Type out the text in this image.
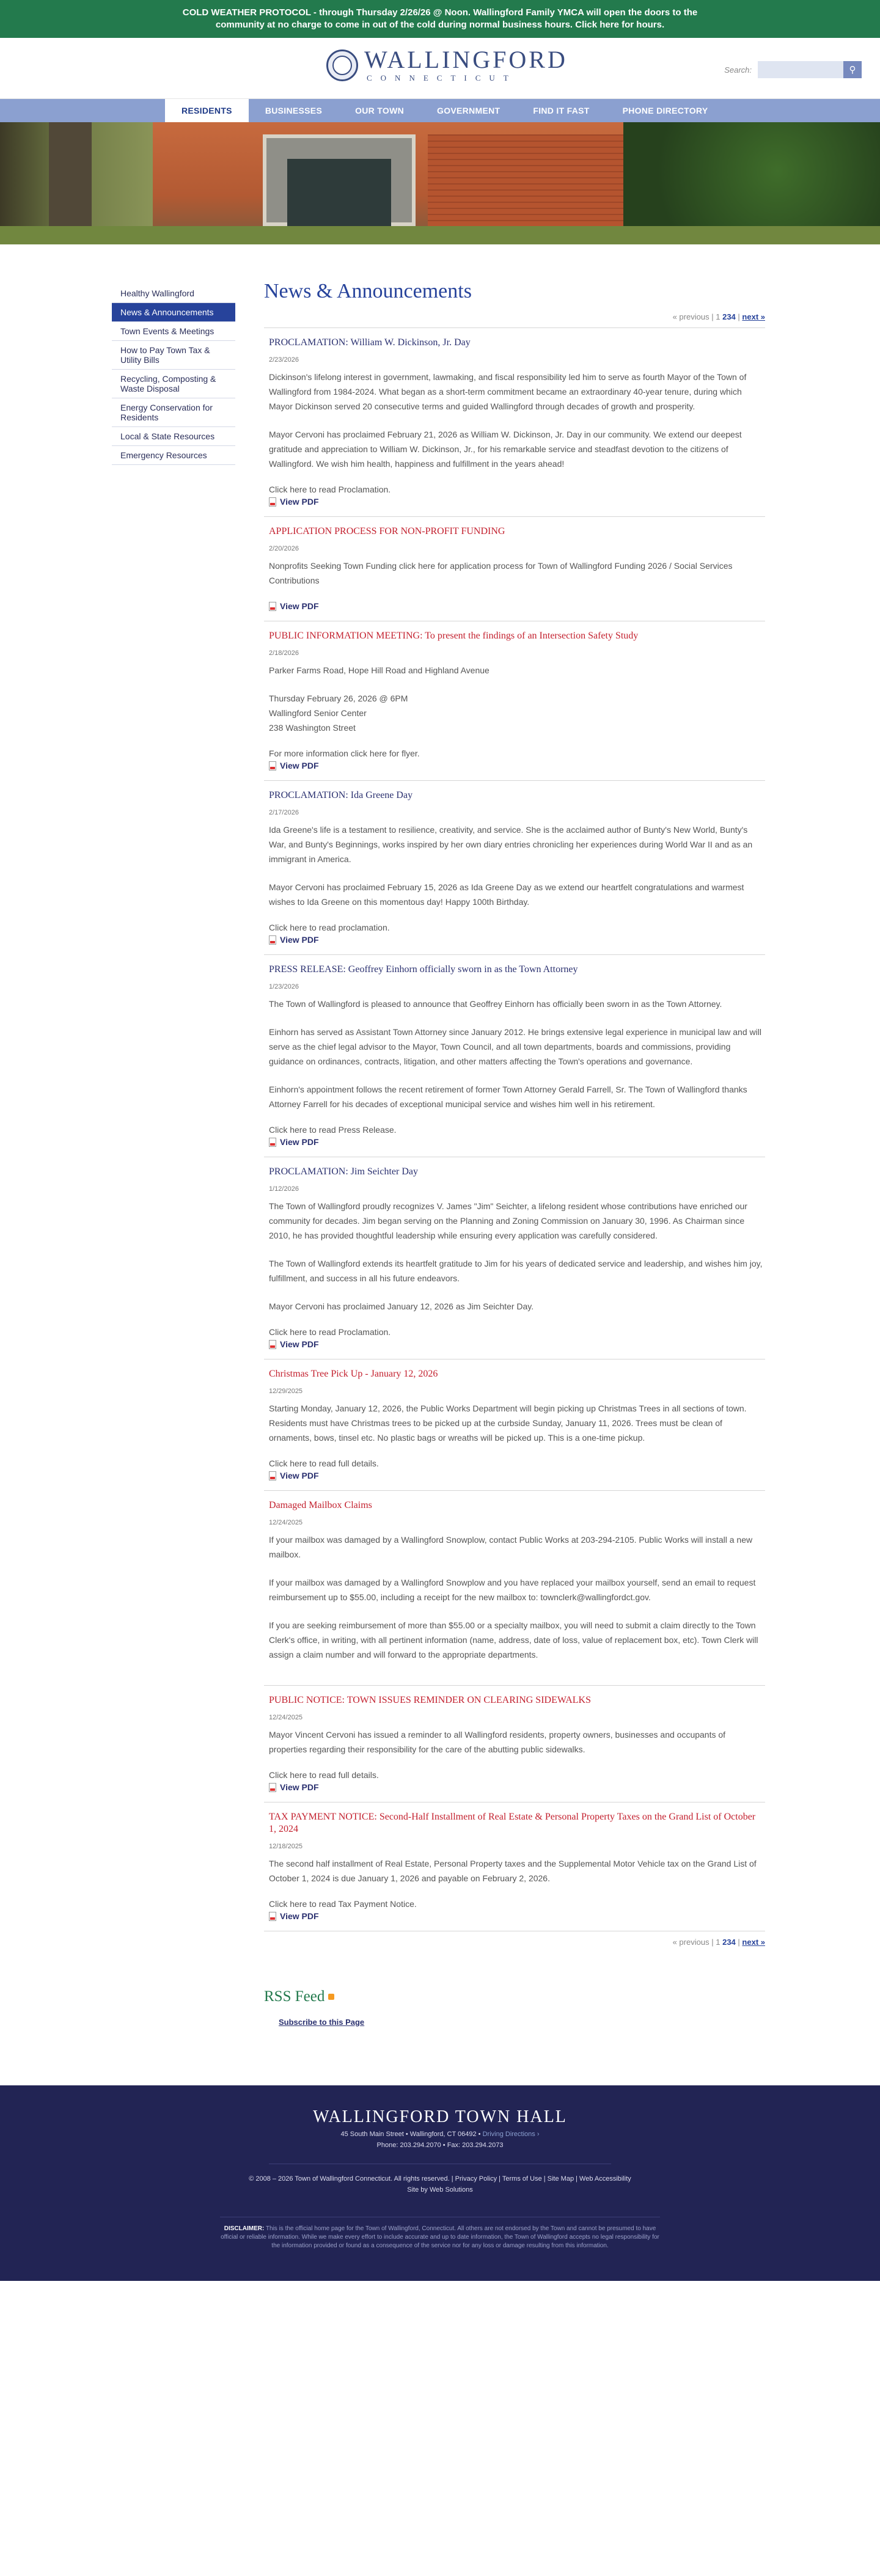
COLD WEATHER PROTOCOL - through Thursday 2/26/26 @ Noon. Wallingford Family YMCA will open the doors to the community at no charge to come in out of the cold during normal business hours. Click here for hours.
WALLINGFORD
CONNECTICUT
Search:	⚲
RESIDENTS	BUSINESSES	OUR TOWN	GOVERNMENT	FIND IT FAST	PHONE DIRECTORY
Healthy Wallingford
News & Announcements
Town Events & Meetings
How to Pay Town Tax & Utility Bills
Recycling, Composting & Waste Disposal
Energy Conservation for Residents
Local & State Resources
Emergency Resources
News & Announcements
« previous | 1 234 | next »
PROCLAMATION: William W. Dickinson, Jr. Day
2/23/2026
Dickinson's lifelong interest in government, lawmaking, and fiscal responsibility led him to serve as fourth Mayor of the Town of Wallingford from 1984-2024. What began as a short-term commitment became an extraordinary 40-year tenure, during which Mayor Dickinson served 20 consecutive terms and guided Wallingford through decades of growth and prosperity.
Mayor Cervoni has proclaimed February 21, 2026 as William W. Dickinson, Jr. Day in our community. We extend our deepest gratitude and appreciation to William W. Dickinson, Jr., for his remarkable service and steadfast devotion to the citizens of Wallingford. We wish him health, happiness and fulfillment in the years ahead!
Click here to read Proclamation.
View PDF
APPLICATION PROCESS FOR NON-PROFIT FUNDING
2/20/2026
Nonprofits Seeking Town Funding click here for application process for Town of Wallingford Funding 2026 / Social Services Contributions
View PDF
PUBLIC INFORMATION MEETING: To present the findings of an Intersection Safety Study
2/18/2026
Parker Farms Road, Hope Hill Road and Highland Avenue
Thursday February 26, 2026 @ 6PM
Wallingford Senior Center
238 Washington Street
For more information click here for flyer.
View PDF
PROCLAMATION: Ida Greene Day
2/17/2026
Ida Greene's life is a testament to resilience, creativity, and service. She is the acclaimed author of Bunty's New World, Bunty's War, and Bunty's Beginnings, works inspired by her own diary entries chronicling her experiences during World War II and as an immigrant in America.
Mayor Cervoni has proclaimed February 15, 2026 as Ida Greene Day as we extend our heartfelt congratulations and warmest wishes to Ida Greene on this momentous day! Happy 100th Birthday.
Click here to read proclamation.
View PDF
PRESS RELEASE: Geoffrey Einhorn officially sworn in as the Town Attorney
1/23/2026
The Town of Wallingford is pleased to announce that Geoffrey Einhorn has officially been sworn in as the Town Attorney.
Einhorn has served as Assistant Town Attorney since January 2012. He brings extensive legal experience in municipal law and will serve as the chief legal advisor to the Mayor, Town Council, and all town departments, boards and commissions, providing guidance on ordinances, contracts, litigation, and other matters affecting the Town's operations and governance.
Einhorn's appointment follows the recent retirement of former Town Attorney Gerald Farrell, Sr. The Town of Wallingford thanks Attorney Farrell for his decades of exceptional municipal service and wishes him well in his retirement.
Click here to read Press Release.
View PDF
PROCLAMATION: Jim Seichter Day
1/12/2026
The Town of Wallingford proudly recognizes V. James "Jim" Seichter, a lifelong resident whose contributions have enriched our community for decades. Jim began serving on the Planning and Zoning Commission on January 30, 1996. As Chairman since 2010, he has provided thoughtful leadership while ensuring every application was carefully considered.
The Town of Wallingford extends its heartfelt gratitude to Jim for his years of dedicated service and leadership, and wishes him joy, fulfillment, and success in all his future endeavors.
Mayor Cervoni has proclaimed January 12, 2026 as Jim Seichter Day.
Click here to read Proclamation.
View PDF
Christmas Tree Pick Up - January 12, 2026
12/29/2025
Starting Monday, January 12, 2026, the Public Works Department will begin picking up Christmas Trees in all sections of town. Residents must have Christmas trees to be picked up at the curbside Sunday, January 11, 2026. Trees must be clean of ornaments, bows, tinsel etc. No plastic bags or wreaths will be picked up. This is a one-time pickup.
Click here to read full details.
View PDF
Damaged Mailbox Claims
12/24/2025
If your mailbox was damaged by a Wallingford Snowplow, contact Public Works at 203-294-2105. Public Works will install a new mailbox.
If your mailbox was damaged by a Wallingford Snowplow and you have replaced your mailbox yourself, send an email to request reimbursement up to $55.00, including a receipt for the new mailbox to: townclerk@wallingfordct.gov.
If you are seeking reimbursement of more than $55.00 or a specialty mailbox, you will need to submit a claim directly to the Town Clerk's office, in writing, with all pertinent information (name, address, date of loss, value of replacement box, etc). Town Clerk will assign a claim number and will forward to the appropriate departments.
PUBLIC NOTICE: TOWN ISSUES REMINDER ON CLEARING SIDEWALKS
12/24/2025
Mayor Vincent Cervoni has issued a reminder to all Wallingford residents, property owners, businesses and occupants of properties regarding their responsibility for the care of the abutting public sidewalks.
Click here to read full details.
View PDF
TAX PAYMENT NOTICE: Second-Half Installment of Real Estate & Personal Property Taxes on the Grand List of October 1, 2024
12/18/2025
The second half installment of Real Estate, Personal Property taxes and the Supplemental Motor Vehicle tax on the Grand List of October 1, 2024 is due January 1, 2026 and payable on February 2, 2026.
Click here to read Tax Payment Notice.
View PDF
« previous | 1 234 | next »
RSS Feed
Subscribe to this Page
WALLINGFORD TOWN HALL
45 South Main Street • Wallingford, CT 06492 • Driving Directions ›
Phone: 203.294.2070 • Fax: 203.294.2073
© 2008 – 2026 Town of Wallingford Connecticut. All rights reserved. | Privacy Policy | Terms of Use | Site Map | Web Accessibility
Site by Web Solutions
DISCLAIMER: This is the official home page for the Town of Wallingford, Connecticut. All others are not endorsed by the Town and cannot be presumed to have official or reliable information. While we make every effort to include accurate and up to date information, the Town of Wallingford accepts no legal responsibility for the information provided or found as a consequence of the service nor for any loss or damage resulting from this information.
